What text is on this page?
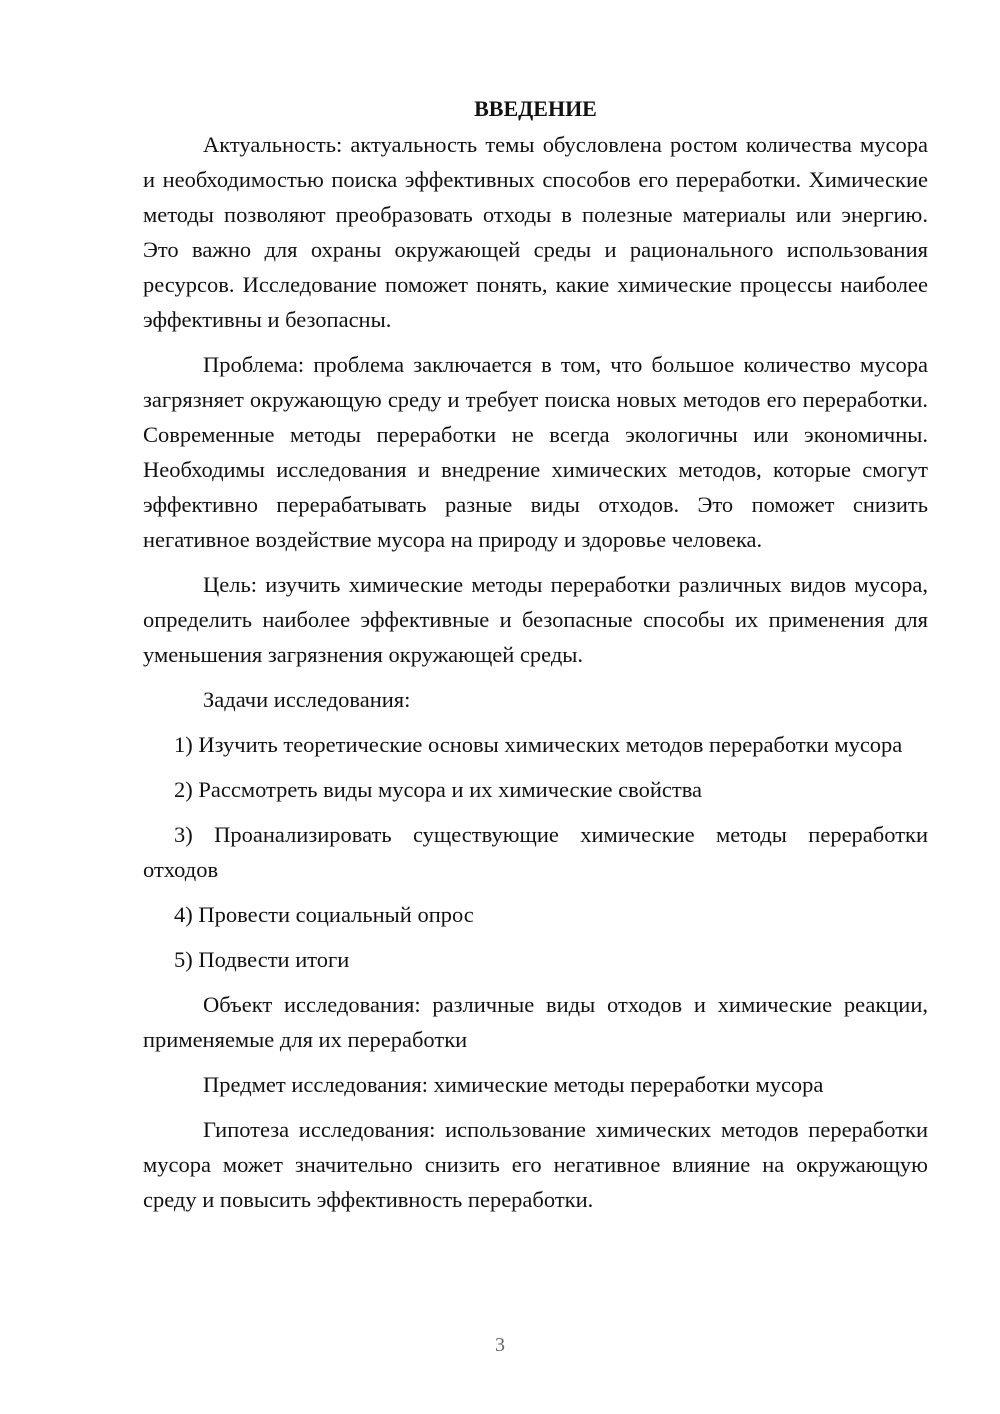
ВВЕДЕНИЕ

Актуальность: актуальность темы обусловлена ростом количества мусора и необходимостью поиска эффективных способов его переработки. Химические методы позволяют преобразовать отходы в полезные материалы или энергию. Это важно для охраны окружающей среды и рационального использования ресурсов. Исследование поможет понять, какие химические процессы наиболее эффективны и безопасны.

Проблема: проблема заключается в том, что большое количество мусора загрязняет окружающую среду и требует поиска новых методов его переработки. Современные методы переработки не всегда экологичны или экономичны. Необходимы исследования и внедрение химических методов, которые смогут эффективно перерабатывать разные виды отходов. Это поможет снизить негативное воздействие мусора на природу и здоровье человека.

Цель: изучить химические методы переработки различных видов мусора, определить наиболее эффективные и безопасные способы их применения для уменьшения загрязнения окружающей среды.

Задачи исследования:

1) Изучить теоретические основы химических методов переработки мусора

2) Рассмотреть виды мусора и их химические свойства

3) Проанализировать существующие химические методы переработки отходов

4) Провести социальный опрос

5) Подвести итоги

Объект исследования: различные виды отходов и химические реакции, применяемые для их переработки

Предмет исследования: химические методы переработки мусора

Гипотеза исследования: использование химических методов переработки мусора может значительно снизить его негативное влияние на окружающую среду и повысить эффективность переработки.

3
